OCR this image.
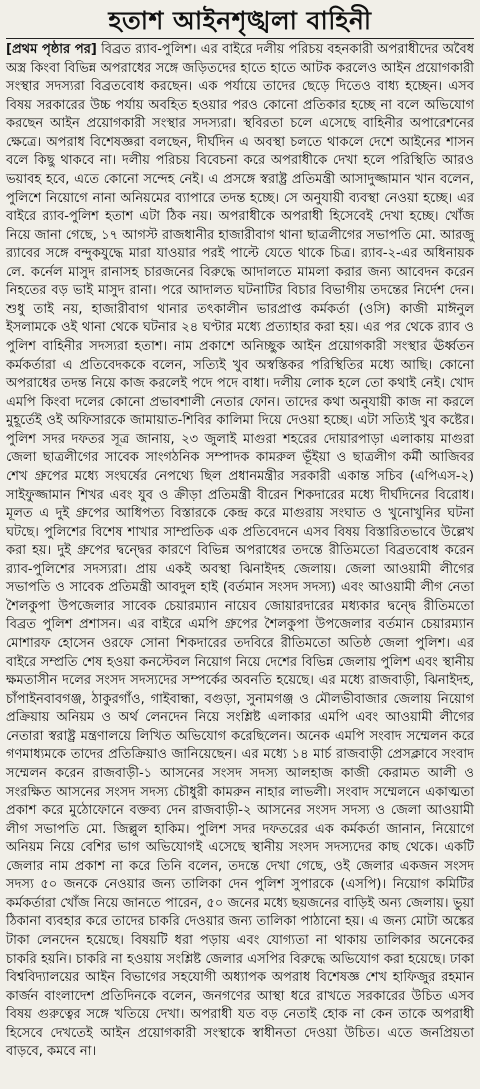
হতাশ আইনশৃঙ্খলা বাহিনী

[প্রথম পৃষ্ঠার পর] বিব্রত র‍্যাব-পুলিশ। এর বাইরে দলীয় পরিচয় বহনকারী অপরাধীদের অবৈধ অস্ত্র কিংবা বিভিন্ন অপরাধের সঙ্গে জড়িতদের হাতে হাতে আটক করলেও আইন প্রয়োগকারী সংস্থার সদস্যরা বিব্রতবোধ করছেন। এক পর্যায়ে তাদের ছেড়ে দিতেও বাধ্য হচ্ছেন। এসব বিষয় সরকারের উচ্চ পর্যায় অবহিত হওয়ার পরও কোনো প্রতিকার হচ্ছে না বলে অভিযোগ করছেন আইন প্রয়োগকারী সংস্থার সদস্যরা। স্থবিরতা চলে এসেছে বাহিনীর অপারেশনের ক্ষেত্রে। অপরাধ বিশেষজ্ঞরা বলছেন, দীর্ঘদিন এ অবস্থা চলতে থাকলে দেশে আইনের শাসন বলে কিছু থাকবে না। দলীয় পরিচয় বিবেচনা করে অপরাধীকে দেখা হলে পরিস্থিতি আরও ভয়াবহ হবে, এতে কোনো সন্দেহ নেই। এ প্রসঙ্গে স্বরাষ্ট্র প্রতিমন্ত্রী আসাদুজ্জামান খান বলেন, পুলিশে নিয়োগে নানা অনিয়মের ব্যাপারে তদন্ত হচ্ছে। সে অনুযায়ী ব্যবস্থা নেওয়া হচ্ছে। এর বাইরে র‍্যাব-পুলিশ হতাশ এটা ঠিক নয়। অপরাধীকে অপরাধী হিসেবেই দেখা হচ্ছে। খোঁজ নিয়ে জানা গেছে, ১৭ আগস্ট রাজধানীর হাজারীবাগ থানা ছাত্রলীগের সভাপতি মো. আরজু র‍্যাবের সঙ্গে বন্দুকযুদ্ধে মারা যাওয়ার পরই পাল্টে যেতে থাকে চিত্র। র‍্যাব-২-এর অধিনায়ক লে. কর্নেল মাসুদ রানাসহ চারজনের বিরুদ্ধে আদালতে মামলা করার জন্য আবেদন করেন নিহতের বড় ভাই মাসুদ রানা। পরে আদালত ঘটনাটির বিচার বিভাগীয় তদন্তের নির্দেশ দেন। শুধু তাই নয়, হাজারীবাগ থানার তৎকালীন ভারপ্রাপ্ত কর্মকর্তা (ওসি) কাজী মাঈনুল ইসলামকে ওই থানা থেকে ঘটনার ২৪ ঘণ্টার মধ্যে প্রত্যাহার করা হয়। এর পর থেকে র‍্যাব ও পুলিশ বাহিনীর সদস্যরা হতাশ। নাম প্রকাশে অনিচ্ছুক আইন প্রয়োগকারী সংস্থার ঊর্ধ্বতন কর্মকর্তারা এ প্রতিবেদককে বলেন, সত্যিই খুব অস্বস্তিকর পরিস্থিতির মধ্যে আছি। কোনো অপরাধের তদন্ত নিয়ে কাজ করলেই পদে পদে বাধা। দলীয় লোক হলে তো কথাই নেই। খোদ এমপি কিংবা দলের কোনো প্রভাবশালী নেতার ফোন। তাদের কথা অনুযায়ী কাজ না করলে মুহূর্তেই ওই অফিসারকে জামায়াত-শিবির কালিমা দিয়ে দেওয়া হচ্ছে। এটা সত্যিই খুব কষ্টের। পুলিশ সদর দফতর সূত্র জানায়, ২৩ জুলাই মাগুরা শহরের দোয়ারপাড়া এলাকায় মাগুরা জেলা ছাত্রলীগের সাবেক সাংগঠনিক সম্পাদক কামরুল ভূঁইয়া ও ছাত্রলীগ কর্মী আজিবর শেখ গ্রুপের মধ্যে সংঘর্ষের নেপথ্যে ছিল প্রধানমন্ত্রীর সরকারী একান্ত সচিব (এপিএস-২) সাইফুজ্জামান শিখর এবং যুব ও ক্রীড়া প্রতিমন্ত্রী বীরেন শিকদারের মধ্যে দীর্ঘদিনের বিরোধ। মূলত এ দুই গ্রুপের আধিপত্য বিস্তারকে কেন্দ্র করে মাগুরায় সংঘাত ও খুনোখুনির ঘটনা ঘটছে। পুলিশের বিশেষ শাখার সাম্প্রতিক এক প্রতিবেদনে এসব বিষয় বিস্তারিতভাবে উল্লেখ করা হয়। দুই গ্রুপের দ্বন্দ্বের কারণে বিভিন্ন অপরাধের তদন্তে রীতিমতো বিব্রতবোধ করেন র‍্যাব-পুলিশের সদস্যরা। প্রায় একই অবস্থা ঝিনাইদহ জেলায়। জেলা আওয়ামী লীগের সভাপতি ও সাবেক প্রতিমন্ত্রী আবদুল হাই (বর্তমান সংসদ সদস্য) এবং আওয়ামী লীগ নেতা শৈলকুপা উপজেলার সাবেক চেয়ারম্যান নায়েব জোয়ারদারের মধ্যকার দ্বন্দ্বে রীতিমতো বিব্রত পুলিশ প্রশাসন। এর বাইরে এমপি গ্রুপের শৈলকুপা উপজেলার বর্তমান চেয়ারম্যান মোশারফ হোসেন ওরফে সোনা শিকদারের তদবিরে রীতিমতো অতিষ্ঠ জেলা পুলিশ। এর বাইরে সম্প্রতি শেষ হওয়া কনস্টেবল নিয়োগ নিয়ে দেশের বিভিন্ন জেলায় পুলিশ এবং স্থানীয় ক্ষমতাসীন দলের সংসদ সদস্যদের সম্পর্কের অবনতি হয়েছে। এর মধ্যে রাজবাড়ী, ঝিনাইদহ, চাঁপাইনবাবগঞ্জ, ঠাকুরগাঁও, গাইবান্ধা, বগুড়া, সুনামগঞ্জ ও মৌলভীবাজার জেলায় নিয়োগ প্রক্রিয়ায় অনিয়ম ও অর্থ লেনদেন নিয়ে সংশ্লিষ্ট এলাকার এমপি এবং আওয়ামী লীগের নেতারা স্বরাষ্ট্র মন্ত্রণালয়ে লিখিত অভিযোগ করেছিলেন। অনেক এমপি সংবাদ সম্মেলন করে গণমাধ্যমকে তাদের প্রতিক্রিয়াও জানিয়েছেন। এর মধ্যে ১৪ মার্চ রাজবাড়ী প্রেসক্লাবে সংবাদ সম্মেলন করেন রাজবাড়ী-১ আসনের সংসদ সদস্য আলহাজ কাজী কেরামত আলী ও সংরক্ষিত আসনের সংসদ সদস্য চৌধুরী কামরুন নাহার লাভলী। সংবাদ সম্মেলনে একাত্মতা প্রকাশ করে মুঠোফোনে বক্তব্য দেন রাজবাড়ী-২ আসনের সংসদ সদস্য ও জেলা আওয়ামী লীগ সভাপতি মো. জিল্লুল হাকিম। পুলিশ সদর দফতরের এক কর্মকর্তা জানান, নিয়োগে অনিয়ম নিয়ে বেশির ভাগ অভিযোগই এসেছে স্থানীয় সংসদ সদস্যদের কাছ থেকে। একটি জেলার নাম প্রকাশ না করে তিনি বলেন, তদন্তে দেখা গেছে, ওই জেলার একজন সংসদ সদস্য ৫০ জনকে নেওয়ার জন্য তালিকা দেন পুলিশ সুপারকে (এসপি)। নিয়োগ কমিটির কর্মকর্তারা খোঁজ নিয়ে জানতে পারেন, ৫০ জনের মধ্যে ছয়জনের বাড়িই অন্য জেলায়। ভুয়া ঠিকানা ব্যবহার করে তাদের চাকরি দেওয়ার জন্য তালিকা পাঠানো হয়। এ জন্য মোটা অঙ্কের টাকা লেনদেন হয়েছে। বিষয়টি ধরা পড়ায় এবং যোগ্যতা না থাকায় তালিকার অনেকের চাকরি হয়নি। চাকরি না হওয়ায় সংশ্লিষ্ট জেলার এসপির বিরুদ্ধে অভিযোগ করা হয়েছে। ঢাকা বিশ্ববিদ্যালয়ের আইন বিভাগের সহযোগী অধ্যাপক অপরাধ বিশেষজ্ঞ শেখ হাফিজুর রহমান কার্জন বাংলাদেশ প্রতিদিনকে বলেন, জনগণের আস্থা ধরে রাখতে সরকারের উচিত এসব বিষয় গুরুত্বের সঙ্গে খতিয়ে দেখা। অপরাধী যত বড় নেতাই হোক না কেন তাকে অপরাধী হিসেবে দেখতেই আইন প্রয়োগকারী সংস্থাকে স্বাধীনতা দেওয়া উচিত। এতে জনপ্রিয়তা বাড়বে, কমবে না।
